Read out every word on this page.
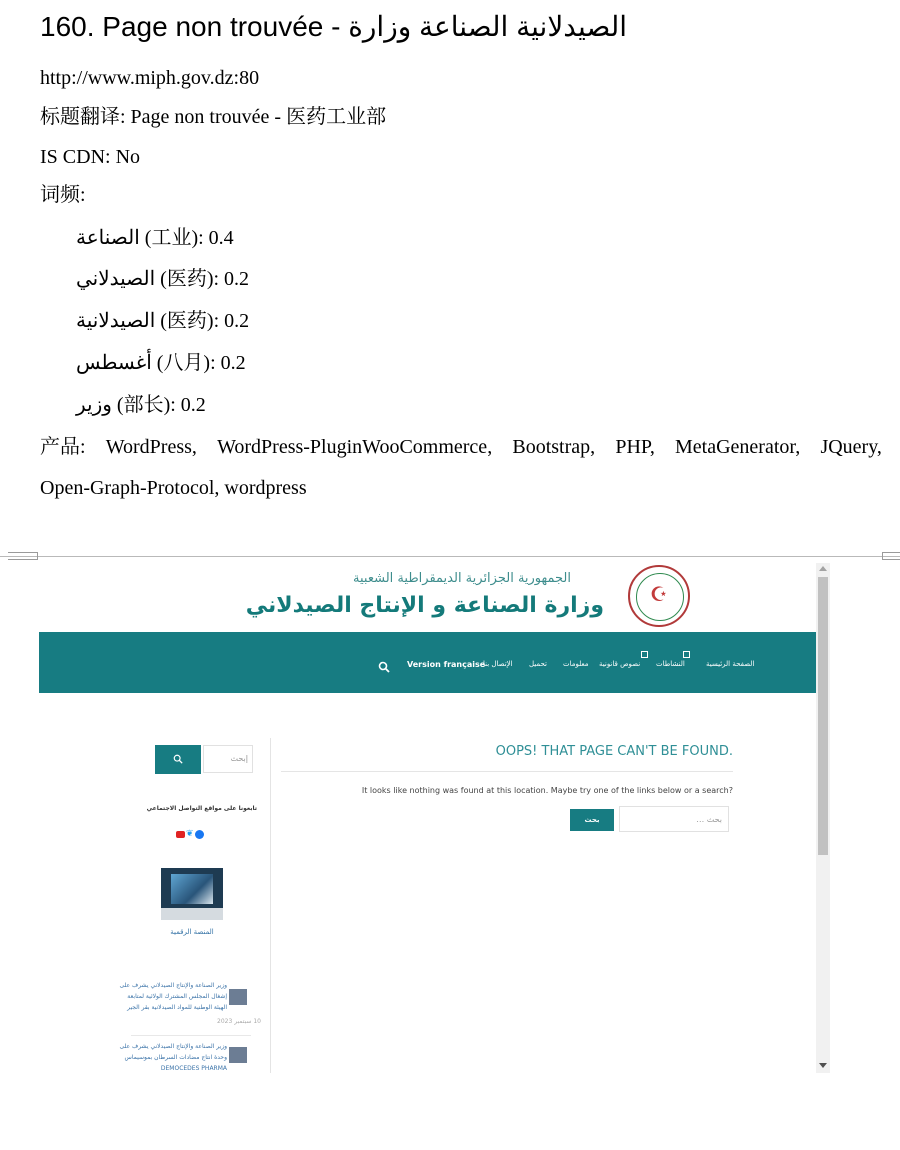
160. Page non trouvée - الصيدلانية الصناعة وزارة
http://www.miph.gov.dz:80
标题翻译: Page non trouvée - 医药工业部
IS CDN: No
词频:
الصناعة (工业): 0.4
الصيدلاني (医药): 0.2
الصيدلانية (医药): 0.2
أغسطس (八月): 0.2
وزير (部长): 0.2
产品: WordPress, WordPress-PluginWooCommerce, Bootstrap, PHP, MetaGenerator, JQuery,
Open-Graph-Protocol, wordpress
الجمهورية الجزائرية الديمقراطية الشعبية
وزارة الصناعة و الإنتاج الصيدلاني ☪
الصفحة الرئيسية
النشاطات
نصوص قانونية
معلومات
تحميل
الإتصال بنا
Version française
إبحث
تابعونا على مواقع التواصل الاجتماعي
❦
المنصة الرقمية
وزير الصناعة والإنتاج الصيدلاني يشرف على إشغال المجلس المشترك الولائية لمتابعة الهيئة الوطنية للمواد الصيدلانية بقر الجير
10 سبتمبر 2023
وزير الصناعة والإنتاج الصيدلاني يشرف على وحدة انتاج مضادات السرطان بموسيماس DEMOCEDES PHARMA
OOPS! THAT PAGE CAN'T BE FOUND.
It looks like nothing was found at this location. Maybe try one of the links below or a search?
بحث	بحث …
